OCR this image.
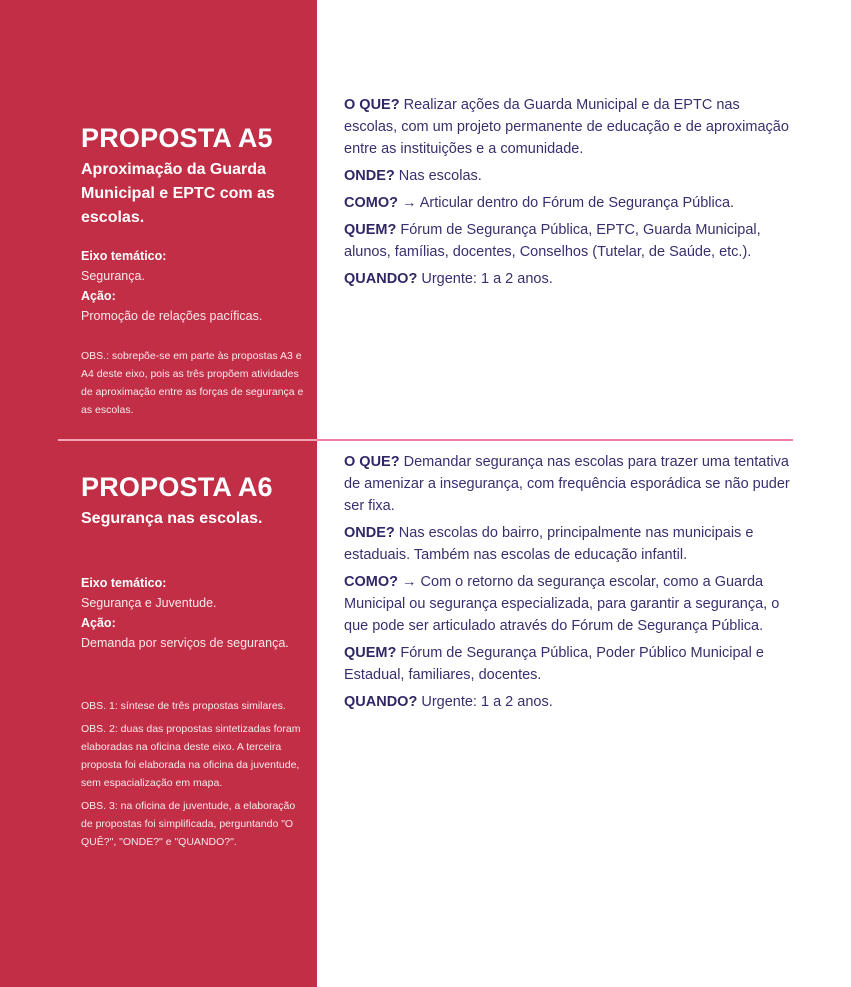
PROPOSTA A5

Aproximação da Guarda Municipal e EPTC com as escolas.

Eixo temático:
Segurança.
Ação:
Promoção de relações pacíficas.

OBS.: sobrepõe-se em parte às propostas A3 e A4 deste eixo, pois as três propõem atividades de aproximação entre as forças de segurança e as escolas.

O QUE? Realizar ações da Guarda Municipal e da EPTC nas escolas, com um projeto permanente de educação e de aproximação entre as instituições e a comunidade.

ONDE? Nas escolas.

COMO? → Articular dentro do Fórum de Segurança Pública.

QUEM? Fórum de Segurança Pública, EPTC, Guarda Municipal, alunos, famílias, docentes, Conselhos (Tutelar, de Saúde, etc.).

QUANDO? Urgente: 1 a 2 anos.

PROPOSTA A6

Segurança nas escolas.

Eixo temático:
Segurança e Juventude.
Ação:
Demanda por serviços de segurança.

OBS. 1: síntese de três propostas similares.

OBS. 2: duas das propostas sintetizadas foram elaboradas na oficina deste eixo. A terceira proposta foi elaborada na oficina da juventude, sem espacialização em mapa.

OBS. 3: na oficina de juventude, a elaboração de propostas foi simplificada, perguntando "O QUÊ?", "ONDE?" e "QUANDO?".

O QUE? Demandar segurança nas escolas para trazer uma tentativa de amenizar a insegurança, com frequência esporádica se não puder ser fixa.

ONDE? Nas escolas do bairro, principalmente nas municipais e estaduais. Também nas escolas de educação infantil.

COMO? → Com o retorno da segurança escolar, como a Guarda Municipal ou segurança especializada, para garantir a segurança, o que pode ser articulado através do Fórum de Segurança Pública.

QUEM? Fórum de Segurança Pública, Poder Público Municipal e Estadual, familiares, docentes.

QUANDO? Urgente: 1 a 2 anos.
